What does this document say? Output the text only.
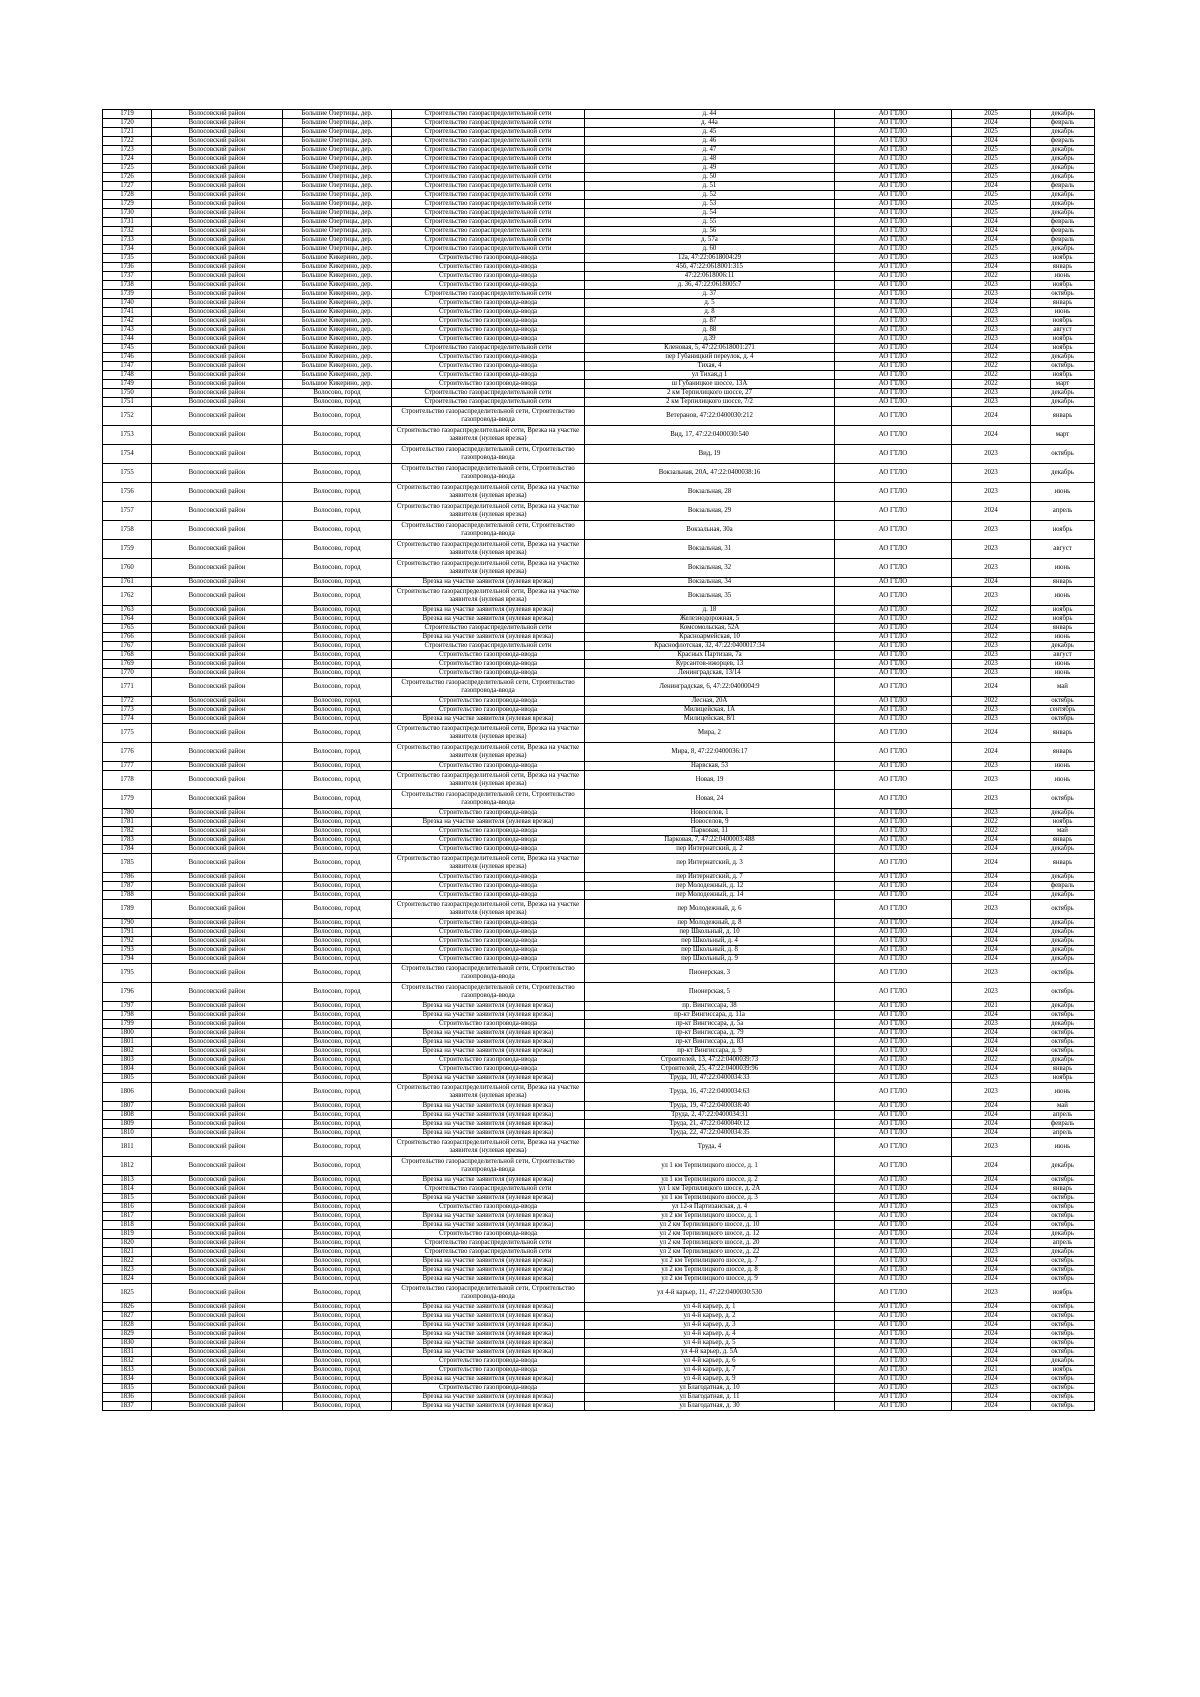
1719	Волосовский район	Большие Озертицы, дер.	Строительство газораспределительной сети	д. 44	АО ГТЛО	2025	декабрь
1720	Волосовский район	Большие Озертицы, дер.	Строительство газораспределительной сети	д. 44а	АО ГТЛО	2024	февраль
1721	Волосовский район	Большие Озертицы, дер.	Строительство газораспределительной сети	д. 45	АО ГТЛО	2025	декабрь
1722	Волосовский район	Большие Озертицы, дер.	Строительство газораспределительной сети	д. 46	АО ГТЛО	2024	февраль
1723	Волосовский район	Большие Озертицы, дер.	Строительство газораспределительной сети	д. 47	АО ГТЛО	2025	декабрь
1724	Волосовский район	Большие Озертицы, дер.	Строительство газораспределительной сети	д. 48	АО ГТЛО	2025	декабрь
1725	Волосовский район	Большие Озертицы, дер.	Строительство газораспределительной сети	д. 49	АО ГТЛО	2025	декабрь
1726	Волосовский район	Большие Озертицы, дер.	Строительство газораспределительной сети	д. 50	АО ГТЛО	2025	декабрь
1727	Волосовский район	Большие Озертицы, дер.	Строительство газораспределительной сети	д. 51	АО ГТЛО	2024	февраль
1728	Волосовский район	Большие Озертицы, дер.	Строительство газораспределительной сети	д. 52	АО ГТЛО	2025	декабрь
1729	Волосовский район	Большие Озертицы, дер.	Строительство газораспределительной сети	д. 53	АО ГТЛО	2025	декабрь
1730	Волосовский район	Большие Озертицы, дер.	Строительство газораспределительной сети	д. 54	АО ГТЛО	2025	декабрь
1731	Волосовский район	Большие Озертицы, дер.	Строительство газораспределительной сети	д. 55	АО ГТЛО	2024	февраль
1732	Волосовский район	Большие Озертицы, дер.	Строительство газораспределительной сети	д. 56	АО ГТЛО	2024	февраль
1733	Волосовский район	Большие Озертицы, дер.	Строительство газораспределительной сети	д. 57а	АО ГТЛО	2024	февраль
1734	Волосовский район	Большие Озертицы, дер.	Строительство газораспределительной сети	д. 60	АО ГТЛО	2025	декабрь
1735	Волосовский район	Большое Кикерино, дер.	Строительство газопровода-ввода	12а, 47:22:0618004:29	АО ГТЛО	2023	ноябрь
1736	Волосовский район	Большое Кикерино, дер.	Строительство газопровода-ввода	45б, 47:22:0618001:315	АО ГТЛО	2024	январь
1737	Волосовский район	Большое Кикерино, дер.	Строительство газопровода-ввода	47:22:0618006:11	АО ГТЛО	2022	июнь
1738	Волосовский район	Большое Кикерино, дер.	Строительство газопровода-ввода	д. 36, 47:22:0618005:7	АО ГТЛО	2023	ноябрь
1739	Волосовский район	Большое Кикерино, дер.	Строительство газораспределительной сети	д. 37	АО ГТЛО	2023	октябрь
1740	Волосовский район	Большое Кикерино, дер.	Строительство газопровода-ввода	д. 5	АО ГТЛО	2024	январь
1741	Волосовский район	Большое Кикерино, дер.	Строительство газопровода-ввода	д. 8	АО ГТЛО	2023	июнь
1742	Волосовский район	Большое Кикерино, дер.	Строительство газопровода-ввода	д. 87	АО ГТЛО	2023	ноябрь
1743	Волосовский район	Большое Кикерино, дер.	Строительство газопровода-ввода	д. 88	АО ГТЛО	2023	август
1744	Волосовский район	Большое Кикерино, дер.	Строительство газопровода-ввода	д.39	АО ГТЛО	2023	ноябрь
1745	Волосовский район	Большое Кикерино, дер.	Строительство газораспределительной сети	Кленовая, 5, 47:22:0618001:271	АО ГТЛО	2024	ноябрь
1746	Волосовский район	Большое Кикерино, дер.	Строительство газопровода-ввода	пер Губаницкий переулок, д. 4	АО ГТЛО	2022	декабрь
1747	Волосовский район	Большое Кикерино, дер.	Строительство газопровода-ввода	Тихая, 4	АО ГТЛО	2022	октябрь
1748	Волосовский район	Большое Кикерино, дер.	Строительство газопровода-ввода	ул Тихая,д 1	АО ГТЛО	2022	ноябрь
1749	Волосовский район	Большое Кикерино, дер.	Строительство газопровода-ввода	ш Губаницкое шоссе, 13А	АО ГТЛО	2022	март
1750	Волосовский район	Волосово, город	Строительство газораспределительной сети	2 км Терпилицкого шоссе, 27	АО ГТЛО	2023	декабрь
1751	Волосовский район	Волосово, город	Строительство газораспределительной сети	2 км Терпилицкого шоссе, 7/2	АО ГТЛО	2023	декабрь
1752	Волосовский район	Волосово, город	Строительство газораспределительной сети, Строительство газопровода-ввода	Ветеранов, 47:22:0400030:212	АО ГТЛО	2024	январь
1753	Волосовский район	Волосово, город	Строительство газораспределительной сети, Врезка на участке заявителя (нулевая врезка)	Вид, 17, 47:22:0400030:540	АО ГТЛО	2024	март
1754	Волосовский район	Волосово, город	Строительство газораспределительной сети, Строительство газопровода-ввода	Вид, 19	АО ГТЛО	2023	октябрь
1755	Волосовский район	Волосово, город	Строительство газораспределительной сети, Строительство газопровода-ввода	Вокзальная, 20А, 47:22:0400038:16	АО ГТЛО	2023	декабрь
1756	Волосовский район	Волосово, город	Строительство газораспределительной сети, Врезка на участке заявителя (нулевая врезка)	Вокзальная, 28	АО ГТЛО	2023	июнь
1757	Волосовский район	Волосово, город	Строительство газораспределительной сети, Врезка на участке заявителя (нулевая врезка)	Вокзальная, 29	АО ГТЛО	2024	апрель
1758	Волосовский район	Волосово, город	Строительство газораспределительной сети, Строительство газопровода-ввода	Вокзальная, 30а	АО ГТЛО	2023	ноябрь
1759	Волосовский район	Волосово, город	Строительство газораспределительной сети, Врезка на участке заявителя (нулевая врезка)	Вокзальная, 31	АО ГТЛО	2023	август
1760	Волосовский район	Волосово, город	Строительство газораспределительной сети, Врезка на участке заявителя (нулевая врезка)	Вокзальная, 32	АО ГТЛО	2023	июнь
1761	Волосовский район	Волосово, город	Врезка на участке заявителя (нулевая врезка)	Вокзальная, 34	АО ГТЛО	2024	январь
1762	Волосовский район	Волосово, город	Строительство газораспределительной сети, Врезка на участке заявителя (нулевая врезка)	Вокзальная, 35	АО ГТЛО	2023	июнь
1763	Волосовский район	Волосово, город	Врезка на участке заявителя (нулевая врезка)	д. 18	АО ГТЛО	2022	ноябрь
1764	Волосовский район	Волосово, город	Врезка на участке заявителя (нулевая врезка)	Железнодорожная, 5	АО ГТЛО	2022	ноябрь
1765	Волосовский район	Волосово, город	Строительство газораспределительной сети	Комсомольская, 52А	АО ГТЛО	2024	январь
1766	Волосовский район	Волосово, город	Врезка на участке заявителя (нулевая врезка)	Красноармейская, 10	АО ГТЛО	2022	июнь
1767	Волосовский район	Волосово, город	Строительство газораспределительной сети	Краснофлотская, 32, 47:22:0400017:34	АО ГТЛО	2023	декабрь
1768	Волосовский район	Волосово, город	Строительство газопровода-ввода	Красных Партизан, 7а	АО ГТЛО	2023	август
1769	Волосовский район	Волосово, город	Строительство газопровода-ввода	Курсантов-ижорцев, 13	АО ГТЛО	2023	июнь
1770	Волосовский район	Волосово, город	Строительство газопровода-ввода	Ленинградская, 13/14	АО ГТЛО	2023	июнь
1771	Волосовский район	Волосово, город	Строительство газораспределительной сети, Строительство газопровода-ввода	Ленинградская, 6, 47:22:0400004:9	АО ГТЛО	2024	май
1772	Волосовский район	Волосово, город	Строительство газопровода-ввода	Лесная, 20А	АО ГТЛО	2022	октябрь
1773	Волосовский район	Волосово, город	Строительство газопровода-ввода	Милицейская, 1А	АО ГТЛО	2023	сентябрь
1774	Волосовский район	Волосово, город	Врезка на участке заявителя (нулевая врезка)	Милицейская, 8/1	АО ГТЛО	2023	октябрь
1775	Волосовский район	Волосово, город	Строительство газораспределительной сети, Врезка на участке заявителя (нулевая врезка)	Мира, 2	АО ГТЛО	2024	январь
1776	Волосовский район	Волосово, город	Строительство газораспределительной сети, Врезка на участке заявителя (нулевая врезка)	Мира, 8, 47:22:0400036:17	АО ГТЛО	2024	январь
1777	Волосовский район	Волосово, город	Строительство газопровода-ввода	Нарвская, 53	АО ГТЛО	2023	июнь
1778	Волосовский район	Волосово, город	Строительство газораспределительной сети, Врезка на участке заявителя (нулевая врезка)	Новая, 19	АО ГТЛО	2023	июнь
1779	Волосовский район	Волосово, город	Строительство газораспределительной сети, Строительство газопровода-ввода	Новая, 24	АО ГТЛО	2023	октябрь
1780	Волосовский район	Волосово, город	Строительство газопровода-ввода	Новоселов, 1	АО ГТЛО	2023	декабрь
1781	Волосовский район	Волосово, город	Врезка на участке заявителя (нулевая врезка)	Новоселов, 9	АО ГТЛО	2022	ноябрь
1782	Волосовский район	Волосово, город	Строительство газопровода-ввода	Парковая, 11	АО ГТЛО	2022	май
1783	Волосовский район	Волосово, город	Строительство газопровода-ввода	Парковая, 7, 47:22:0400003:488	АО ГТЛО	2024	январь
1784	Волосовский район	Волосово, город	Строительство газопровода-ввода	пер Интернатский, д. 2	АО ГТЛО	2024	декабрь
1785	Волосовский район	Волосово, город	Строительство газораспределительной сети, Врезка на участке заявителя (нулевая врезка)	пер Интернатский, д. 3	АО ГТЛО	2024	январь
1786	Волосовский район	Волосово, город	Строительство газопровода-ввода	пер Интернатский, д. 7	АО ГТЛО	2024	декабрь
1787	Волосовский район	Волосово, город	Строительство газопровода-ввода	пер Молодежный, д. 12	АО ГТЛО	2024	февраль
1788	Волосовский район	Волосово, город	Строительство газопровода-ввода	пер Молодежный, д. 14	АО ГТЛО	2024	декабрь
1789	Волосовский район	Волосово, город	Строительство газораспределительной сети, Врезка на участке заявителя (нулевая врезка)	пер Молодежный, д. 6	АО ГТЛО	2023	октябрь
1790	Волосовский район	Волосово, город	Строительство газопровода-ввода	пер Молодежный, д. 8	АО ГТЛО	2024	декабрь
1791	Волосовский район	Волосово, город	Строительство газопровода-ввода	пер Школьный, д. 10	АО ГТЛО	2024	декабрь
1792	Волосовский район	Волосово, город	Строительство газопровода-ввода	пер Школьный, д. 4	АО ГТЛО	2024	декабрь
1793	Волосовский район	Волосово, город	Строительство газопровода-ввода	пер Школьный, д. 8	АО ГТЛО	2024	декабрь
1794	Волосовский район	Волосово, город	Строительство газопровода-ввода	пер Школьный, д. 9	АО ГТЛО	2024	декабрь
1795	Волосовский район	Волосово, город	Строительство газораспределительной сети, Строительство газопровода-ввода	Пионерская, 3	АО ГТЛО	2023	октябрь
1796	Волосовский район	Волосово, город	Строительство газораспределительной сети, Строительство газопровода-ввода	Пионерская, 5	АО ГТЛО	2023	октябрь
1797	Волосовский район	Волосово, город	Врезка на участке заявителя (нулевая врезка)	пр. Вингиссара, 38	АО ГТЛО	2021	декабрь
1798	Волосовский район	Волосово, город	Врезка на участке заявителя (нулевая врезка)	пр-кт Вингиссара, д. 11а	АО ГТЛО	2024	октябрь
1799	Волосовский район	Волосово, город	Строительство газопровода-ввода	пр-кт Вингиссара, д. 5а	АО ГТЛО	2023	декабрь
1800	Волосовский район	Волосово, город	Врезка на участке заявителя (нулевая врезка)	пр-кт Вингиссара, д. 79	АО ГТЛО	2024	октябрь
1801	Волосовский район	Волосово, город	Врезка на участке заявителя (нулевая врезка)	пр-кт Вингиссара, д. 83	АО ГТЛО	2024	октябрь
1802	Волосовский район	Волосово, город	Врезка на участке заявителя (нулевая врезка)	пр-кт Вингиссара, д. 9	АО ГТЛО	2024	октябрь
1803	Волосовский район	Волосово, город	Строительство газопровода-ввода	Строителей, 13, 47:22:0400039:73	АО ГТЛО	2022	декабрь
1804	Волосовский район	Волосово, город	Строительство газопровода-ввода	Строителей, 25, 47:22:0400039:96	АО ГТЛО	2024	январь
1805	Волосовский район	Волосово, город	Врезка на участке заявителя (нулевая врезка)	Труда, 10, 47:22:0400034:33	АО ГТЛО	2023	ноябрь
1806	Волосовский район	Волосово, город	Строительство газораспределительной сети, Врезка на участке заявителя (нулевая врезка)	Труда, 16, 47:22:0400034:63	АО ГТЛО	2023	июнь
1807	Волосовский район	Волосово, город	Врезка на участке заявителя (нулевая врезка)	Труда, 19, 47:22:0400038:40	АО ГТЛО	2024	май
1808	Волосовский район	Волосово, город	Врезка на участке заявителя (нулевая врезка)	Труда, 2, 47:22:0400034:31	АО ГТЛО	2024	апрель
1809	Волосовский район	Волосово, город	Врезка на участке заявителя (нулевая врезка)	Труда, 21, 47:22:0400040:12	АО ГТЛО	2024	февраль
1810	Волосовский район	Волосово, город	Врезка на участке заявителя (нулевая врезка)	Труда, 22, 47:22:0400034:35	АО ГТЛО	2024	апрель
1811	Волосовский район	Волосово, город	Строительство газораспределительной сети, Врезка на участке заявителя (нулевая врезка)	Труда, 4	АО ГТЛО	2023	июнь
1812	Волосовский район	Волосово, город	Строительство газораспределительной сети, Строительство газопровода-ввода	ул 1 км Терпилицкого шоссе, д. 1	АО ГТЛО	2024	декабрь
1813	Волосовский район	Волосово, город	Врезка на участке заявителя (нулевая врезка)	ул 1 км Терпилицкого шоссе, д. 2	АО ГТЛО	2024	октябрь
1814	Волосовский район	Волосово, город	Строительство газораспределительной сети	ул 1 км Терпилицкого шоссе, д. 2А	АО ГТЛО	2024	январь
1815	Волосовский район	Волосово, город	Врезка на участке заявителя (нулевая врезка)	ул 1 км Терпилицкого шоссе, д. 3	АО ГТЛО	2024	октябрь
1816	Волосовский район	Волосово, город	Строительство газопровода-ввода	ул 12-я Партизанская, д. 4	АО ГТЛО	2023	октябрь
1817	Волосовский район	Волосово, город	Врезка на участке заявителя (нулевая врезка)	ул 2 км Терпилицкого шоссе, д. 1	АО ГТЛО	2024	октябрь
1818	Волосовский район	Волосово, город	Врезка на участке заявителя (нулевая врезка)	ул 2 км Терпилицкого шоссе, д. 10	АО ГТЛО	2024	октябрь
1819	Волосовский район	Волосово, город	Строительство газопровода-ввода	ул 2 км Терпилицкого шоссе, д. 12	АО ГТЛО	2024	декабрь
1820	Волосовский район	Волосово, город	Строительство газораспределительной сети	ул 2 км Терпилицкого шоссе, д. 20	АО ГТЛО	2024	апрель
1821	Волосовский район	Волосово, город	Строительство газораспределительной сети	ул 2 км Терпилицкого шоссе, д. 22	АО ГТЛО	2023	декабрь
1822	Волосовский район	Волосово, город	Врезка на участке заявителя (нулевая врезка)	ул 2 км Терпилицкого шоссе, д. 7	АО ГТЛО	2024	октябрь
1823	Волосовский район	Волосово, город	Врезка на участке заявителя (нулевая врезка)	ул 2 км Терпилицкого шоссе, д. 8	АО ГТЛО	2024	октябрь
1824	Волосовский район	Волосово, город	Врезка на участке заявителя (нулевая врезка)	ул 2 км Терпилицкого шоссе, д. 9	АО ГТЛО	2024	октябрь
1825	Волосовский район	Волосово, город	Строительство газораспределительной сети, Строительство газопровода-ввода	ул 4-й карьер, 11, 47:22:0400030:530	АО ГТЛО	2023	ноябрь
1826	Волосовский район	Волосово, город	Врезка на участке заявителя (нулевая врезка)	ул 4-й карьер, д. 1	АО ГТЛО	2024	октябрь
1827	Волосовский район	Волосово, город	Врезка на участке заявителя (нулевая врезка)	ул 4-й карьер, д. 2	АО ГТЛО	2024	октябрь
1828	Волосовский район	Волосово, город	Врезка на участке заявителя (нулевая врезка)	ул 4-й карьер, д. 3	АО ГТЛО	2024	октябрь
1829	Волосовский район	Волосово, город	Врезка на участке заявителя (нулевая врезка)	ул 4-й карьер, д. 4	АО ГТЛО	2024	октябрь
1830	Волосовский район	Волосово, город	Врезка на участке заявителя (нулевая врезка)	ул 4-й карьер, д. 5	АО ГТЛО	2024	октябрь
1831	Волосовский район	Волосово, город	Врезка на участке заявителя (нулевая врезка)	ул 4-й карьер, д. 5А	АО ГТЛО	2024	октябрь
1832	Волосовский район	Волосово, город	Строительство газопровода-ввода	ул 4-й карьер, д. 6	АО ГТЛО	2024	декабрь
1833	Волосовский район	Волосово, город	Строительство газопровода-ввода	ул 4-й карьер, д. 7	АО ГТЛО	2021	ноябрь
1834	Волосовский район	Волосово, город	Врезка на участке заявителя (нулевая врезка)	ул 4-й карьер, д. 9	АО ГТЛО	2024	октябрь
1835	Волосовский район	Волосово, город	Строительство газопровода-ввода	ул Благодатная, д. 10	АО ГТЛО	2023	октябрь
1836	Волосовский район	Волосово, город	Врезка на участке заявителя (нулевая врезка)	ул Благодатная, д. 11	АО ГТЛО	2024	октябрь
1837	Волосовский район	Волосово, город	Врезка на участке заявителя (нулевая врезка)	ул Благодатная, д. 30	АО ГТЛО	2024	октябрь
